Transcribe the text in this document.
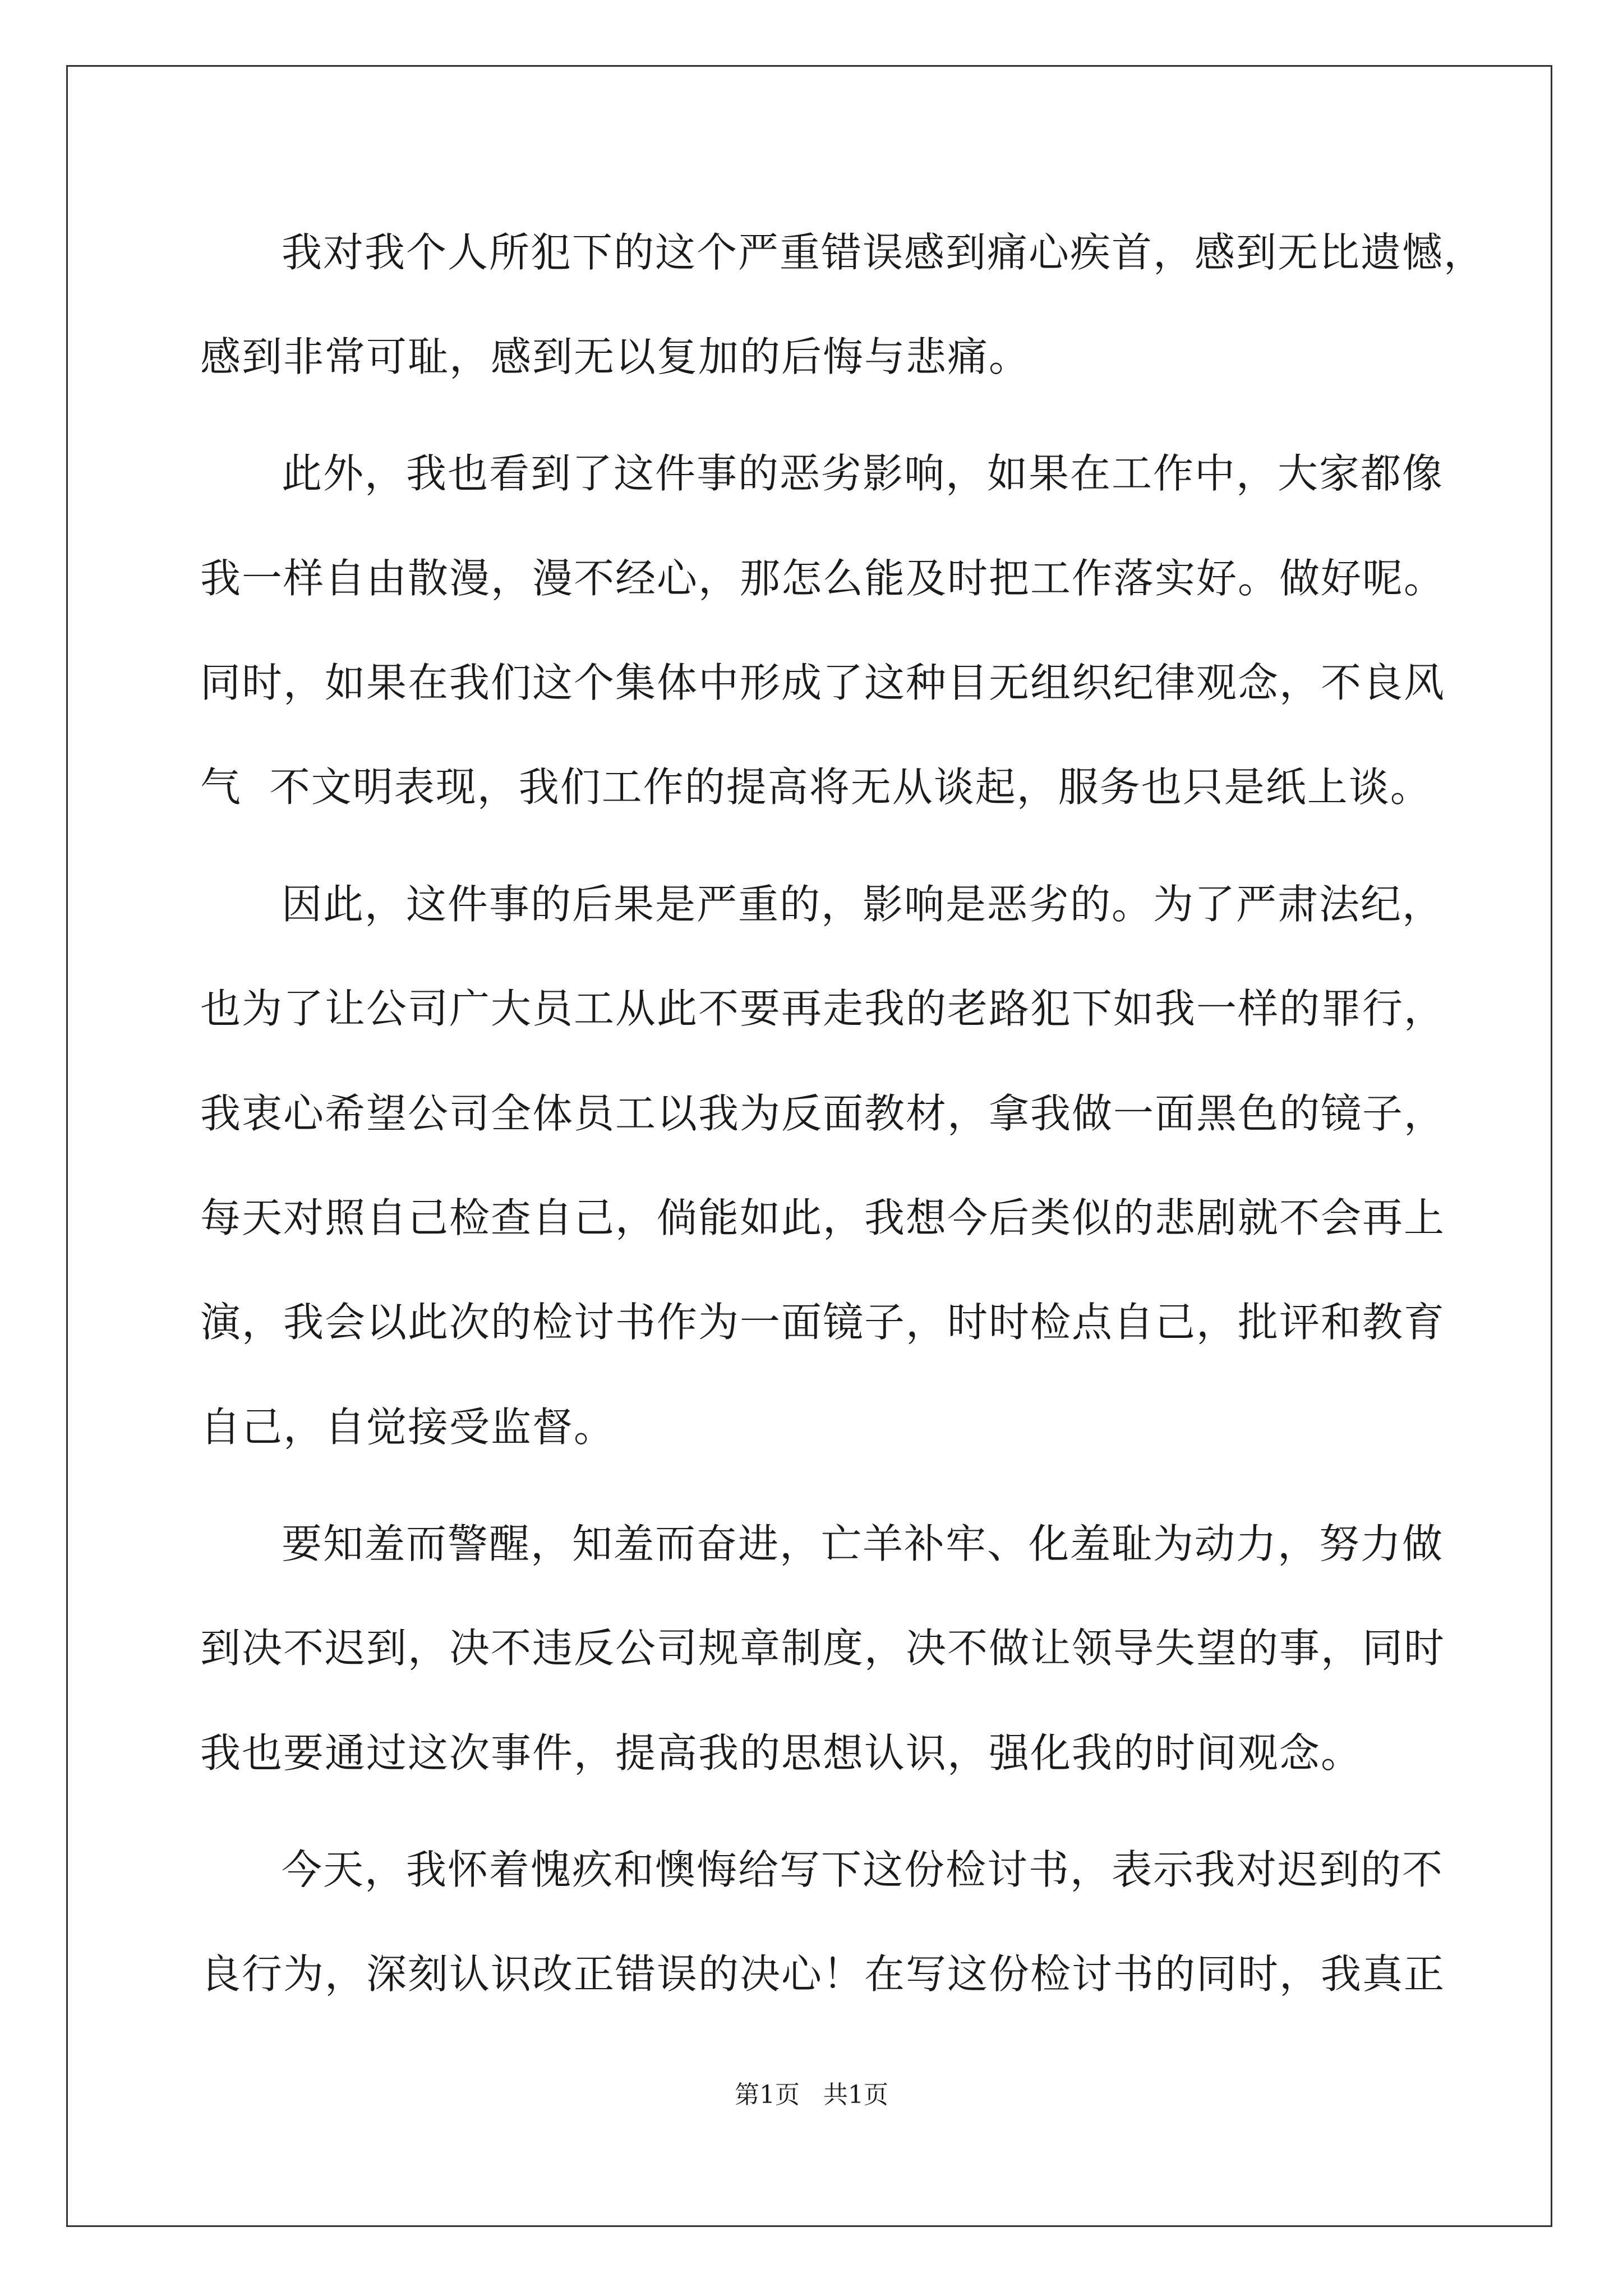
我对我个人所犯下的这个严重错误感到痛心疾首，感到无比遗憾，
感到非常可耻，感到无以复加的后悔与悲痛。
此外，我也看到了这件事的恶劣影响，如果在工作中，大家都像
我一样自由散漫，漫不经心，那怎么能及时把工作落实好。做好呢。
同时，如果在我们这个集体中形成了这种目无组织纪律观念，不良风
气  不文明表现，我们工作的提高将无从谈起，服务也只是纸上谈。
因此，这件事的后果是严重的，影响是恶劣的。为了严肃法纪，
也为了让公司广大员工从此不要再走我的老路犯下如我一样的罪行，
我衷心希望公司全体员工以我为反面教材，拿我做一面黑色的镜子，
每天对照自己检查自己，倘能如此，我想今后类似的悲剧就不会再上
演，我会以此次的检讨书作为一面镜子，时时检点自己，批评和教育
自己，自觉接受监督。
要知羞而警醒，知羞而奋进，亡羊补牢、化羞耻为动力，努力做
到决不迟到，决不违反公司规章制度，决不做让领导失望的事，同时
我也要通过这次事件，提高我的思想认识，强化我的时间观念。
今天，我怀着愧疚和懊悔给写下这份检讨书，表示我对迟到的不
良行为，深刻认识改正错误的决心！在写这份检讨书的同时，我真正
第1页   共1页
